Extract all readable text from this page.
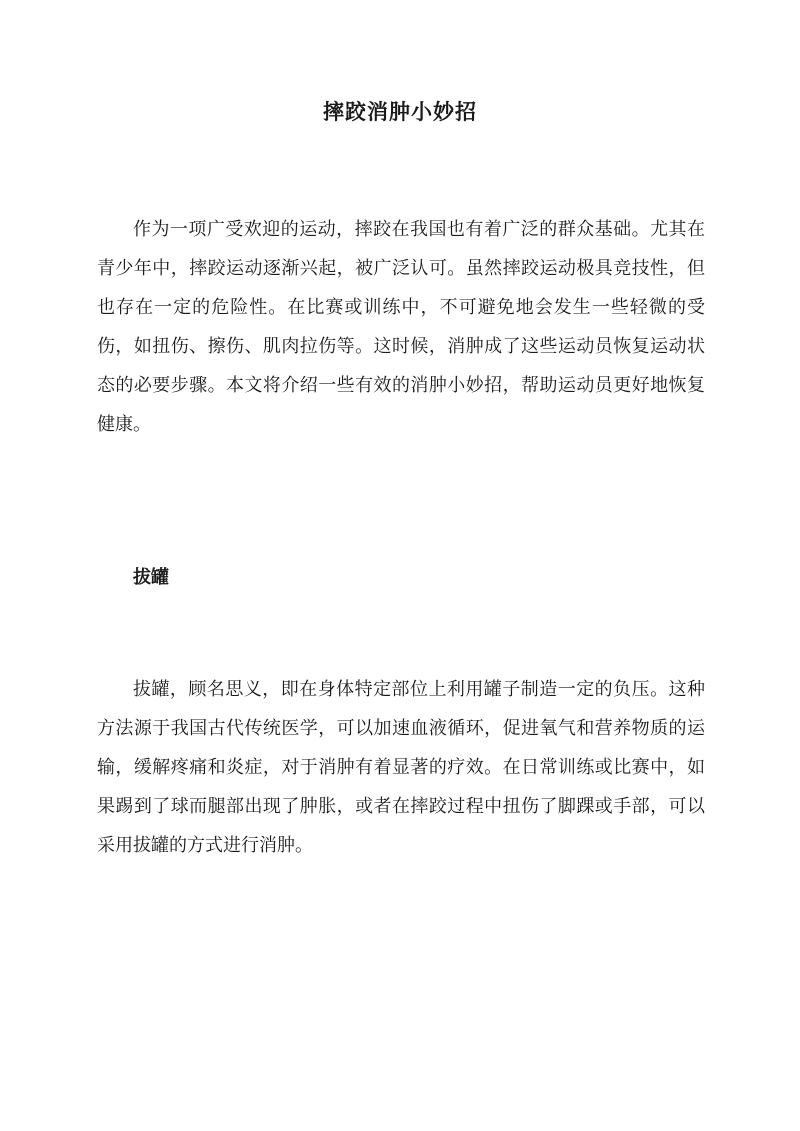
摔跤消肿小妙招

作为一项广受欢迎的运动，摔跤在我国也有着广泛的群众基础。尤其在青少年中，摔跤运动逐渐兴起，被广泛认可。虽然摔跤运动极具竞技性，但也存在一定的危险性。在比赛或训练中，不可避免地会发生一些轻微的受伤，如扭伤、擦伤、肌肉拉伤等。这时候，消肿成了这些运动员恢复运动状态的必要步骤。本文将介绍一些有效的消肿小妙招，帮助运动员更好地恢复健康。

拔罐

拔罐，顾名思义，即在身体特定部位上利用罐子制造一定的负压。这种方法源于我国古代传统医学，可以加速血液循环，促进氧气和营养物质的运输，缓解疼痛和炎症，对于消肿有着显著的疗效。在日常训练或比赛中，如果踢到了球而腿部出现了肿胀，或者在摔跤过程中扭伤了脚踝或手部，可以采用拔罐的方式进行消肿。
